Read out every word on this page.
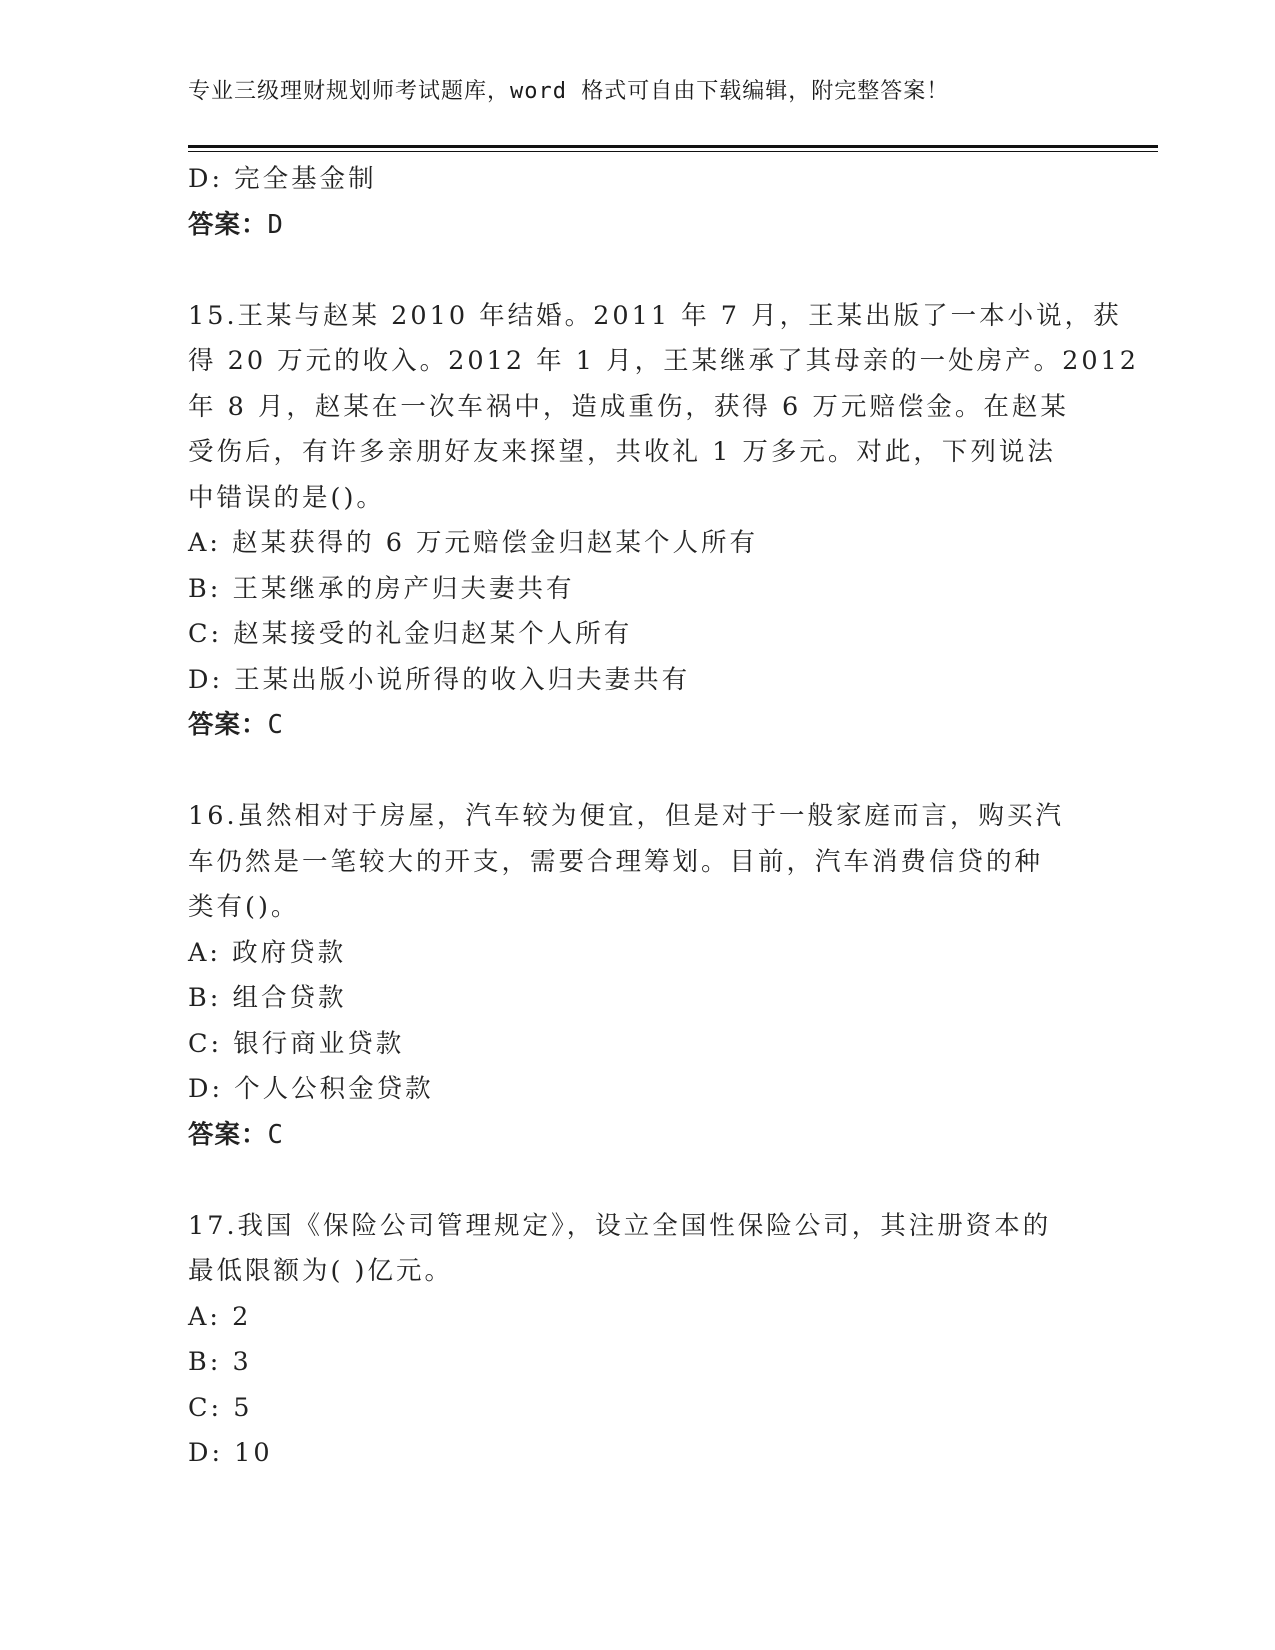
专业三级理财规划师考试题库，word 格式可自由下载编辑，附完整答案！

D: 完全基金制

答案：D

15.王某与赵某 2010 年结婚。2011 年 7 月，王某出版了一本小说，获

得 20 万元的收入。2012 年 1 月，王某继承了其母亲的一处房产。2012

年 8 月，赵某在一次车祸中，造成重伤，获得 6 万元赔偿金。在赵某

受伤后，有许多亲朋好友来探望，共收礼 1 万多元。对此，下列说法

中错误的是()。

A: 赵某获得的 6 万元赔偿金归赵某个人所有

B: 王某继承的房产归夫妻共有

C: 赵某接受的礼金归赵某个人所有

D: 王某出版小说所得的收入归夫妻共有

答案：C

16.虽然相对于房屋，汽车较为便宜，但是对于一般家庭而言，购买汽

车仍然是一笔较大的开支，需要合理筹划。目前，汽车消费信贷的种

类有()。

A: 政府贷款

B: 组合贷款

C: 银行商业贷款

D: 个人公积金贷款

答案：C

17.我国《保险公司管理规定》，设立全国性保险公司，其注册资本的

最低限额为( )亿元。

A: 2

B: 3

C: 5

D: 10
